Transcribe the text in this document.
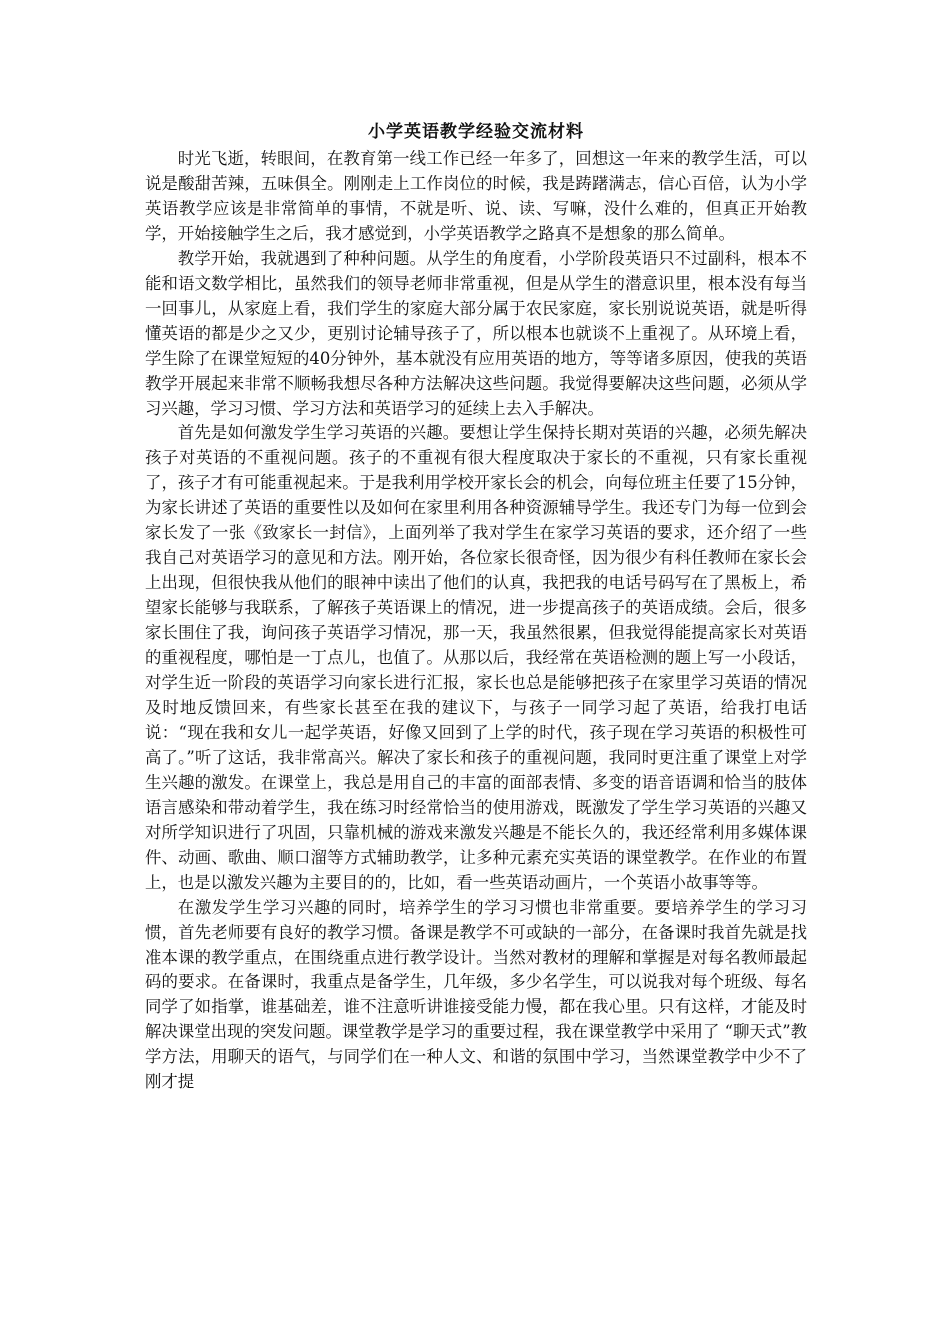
小学英语教学经验交流材料

时光飞逝，转眼间，在教育第一线工作已经一年多了，回想这一年来的教学生活，可以说是酸甜苦辣，五味俱全。刚刚走上工作岗位的时候，我是踌躇满志，信心百倍，认为小学英语教学应该是非常简单的事情，不就是听、说、读、写嘛，没什么难的，但真正开始教学，开始接触学生之后，我才感觉到，小学英语教学之路真不是想象的那么简单。

教学开始，我就遇到了种种问题。从学生的角度看，小学阶段英语只不过副科，根本不能和语文数学相比，虽然我们的领导老师非常重视，但是从学生的潜意识里，根本没有每当一回事儿，从家庭上看，我们学生的家庭大部分属于农民家庭，家长别说说英语，就是听得懂英语的都是少之又少，更别讨论辅导孩子了，所以根本也就谈不上重视了。从环境上看，学生除了在课堂短短的40分钟外，基本就没有应用英语的地方，等等诸多原因，使我的英语教学开展起来非常不顺畅我想尽各种方法解决这些问题。我觉得要解决这些问题，必须从学习兴趣，学习习惯、学习方法和英语学习的延续上去入手解决。

首先是如何激发学生学习英语的兴趣。要想让学生保持长期对英语的兴趣，必须先解决孩子对英语的不重视问题。孩子的不重视有很大程度取决于家长的不重视，只有家长重视了，孩子才有可能重视起来。于是我利用学校开家长会的机会，向每位班主任要了15分钟，为家长讲述了英语的重要性以及如何在家里利用各种资源辅导学生。我还专门为每一位到会家长发了一张《致家长一封信》，上面列举了我对学生在家学习英语的要求，还介绍了一些我自己对英语学习的意见和方法。刚开始，各位家长很奇怪，因为很少有科任教师在家长会上出现，但很快我从他们的眼神中读出了他们的认真，我把我的电话号码写在了黑板上，希望家长能够与我联系，了解孩子英语课上的情况，进一步提高孩子的英语成绩。会后，很多家长围住了我，询问孩子英语学习情况，那一天，我虽然很累，但我觉得能提高家长对英语的重视程度，哪怕是一丁点儿，也值了。从那以后，我经常在英语检测的题上写一小段话，对学生近一阶段的英语学习向家长进行汇报，家长也总是能够把孩子在家里学习英语的情况及时地反馈回来，有些家长甚至在我的建议下，与孩子一同学习起了英语，给我打电话说：“现在我和女儿一起学英语，好像又回到了上学的时代，孩子现在学习英语的积极性可高了。”听了这话，我非常高兴。解决了家长和孩子的重视问题，我同时更注重了课堂上对学生兴趣的激发。在课堂上，我总是用自己的丰富的面部表情、多变的语音语调和恰当的肢体语言感染和带动着学生，我在练习时经常恰当的使用游戏，既激发了学生学习英语的兴趣又对所学知识进行了巩固，只靠机械的游戏来激发兴趣是不能长久的，我还经常利用多媒体课件、动画、歌曲、顺口溜等方式辅助教学，让多种元素充实英语的课堂教学。在作业的布置上，也是以激发兴趣为主要目的的，比如，看一些英语动画片，一个英语小故事等等。

在激发学生学习兴趣的同时，培养学生的学习习惯也非常重要。要培养学生的学习习惯，首先老师要有良好的教学习惯。备课是教学不可或缺的一部分，在备课时我首先就是找准本课的教学重点，在围绕重点进行教学设计。当然对教材的理解和掌握是对每名教师最起码的要求。在备课时，我重点是备学生，几年级，多少名学生，可以说我对每个班级、每名同学了如指掌，谁基础差，谁不注意听讲谁接受能力慢，都在我心里。只有这样，才能及时解决课堂出现的突发问题。课堂教学是学习的重要过程，我在课堂教学中采用了 “聊天式”教学方法，用聊天的语气，与同学们在一种人文、和谐的氛围中学习，当然课堂教学中少不了刚才提
